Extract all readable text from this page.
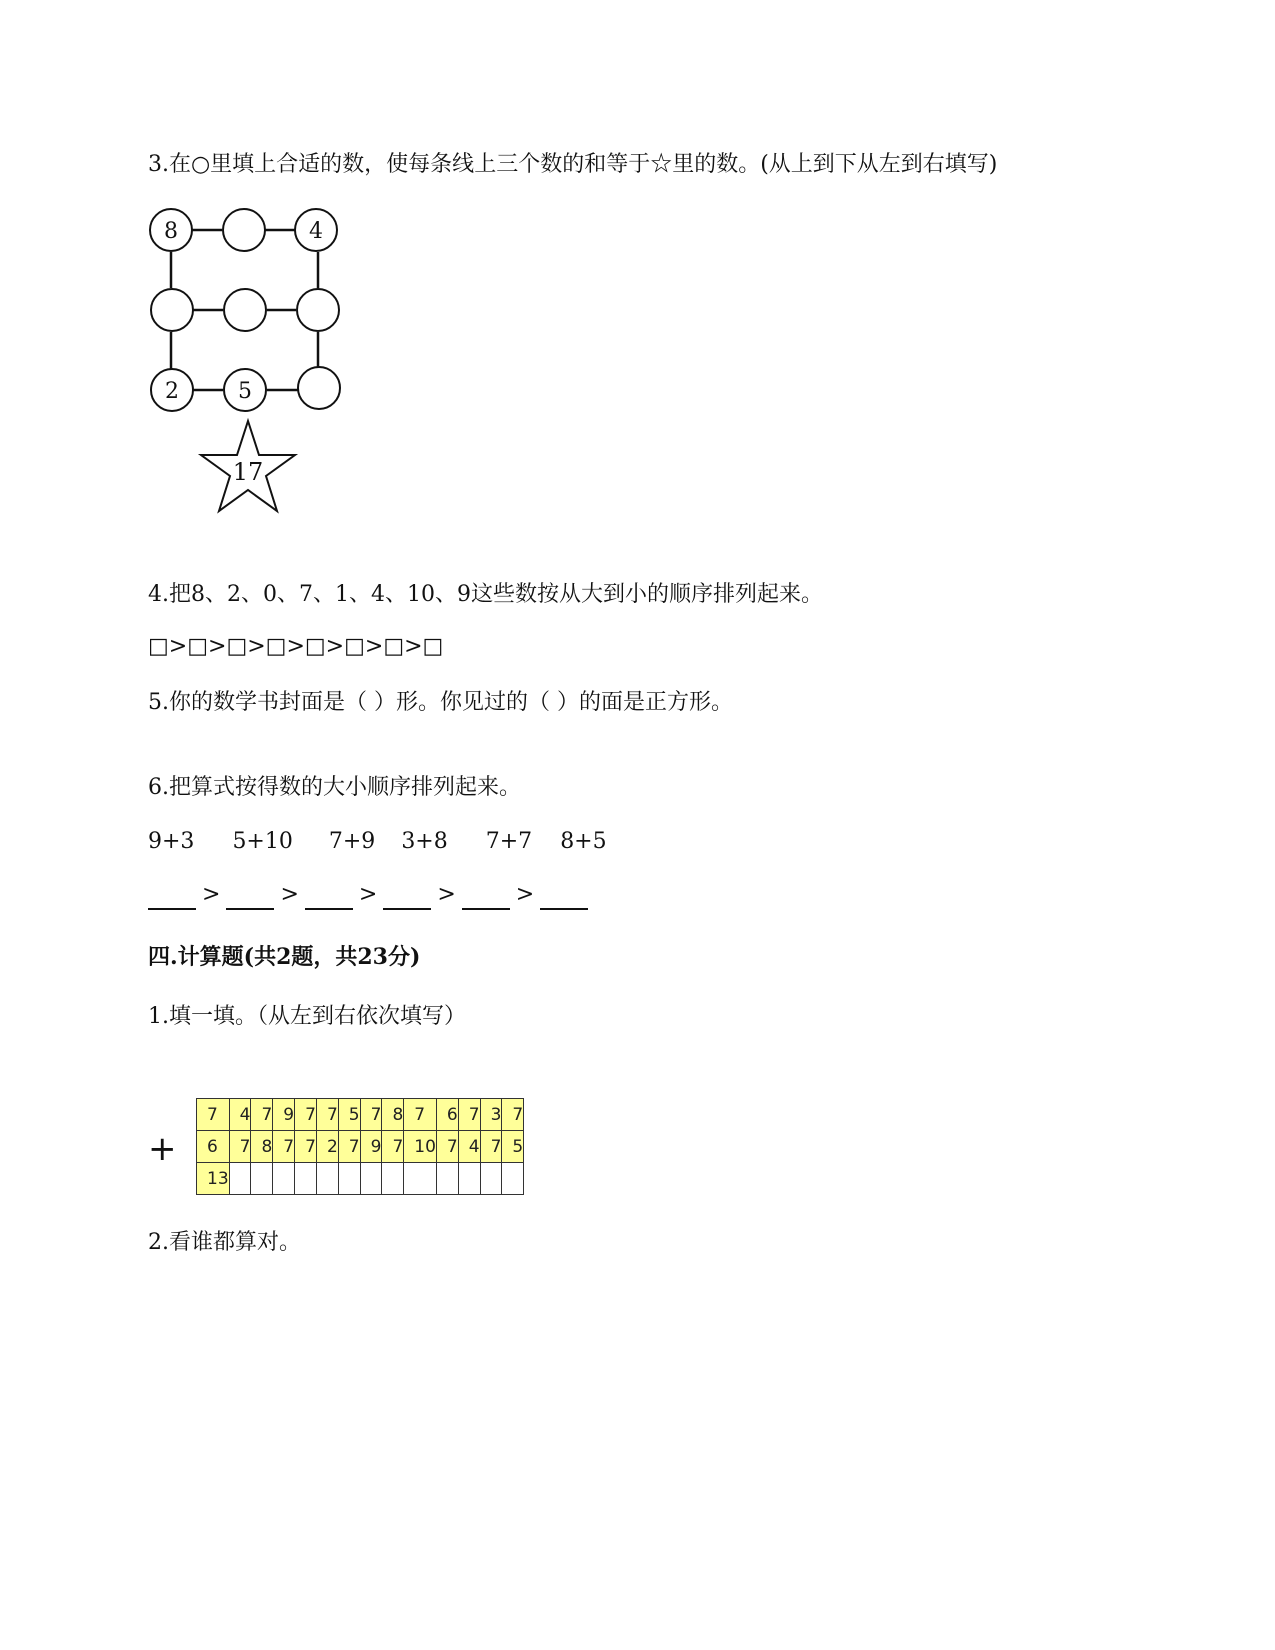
3.在○里填上合适的数，使每条线上三个数的和等于☆里的数。(从上到下从左到右填写)
8	4
2	5
17
4.把8、2、0、7、1、4、10、9这些数按从大到小的顺序排列起来。
□>□>□>□>□>□>□>□
5.你的数学书封面是（ ）形。你见过的（ ）的面是正方形。
6.把算式按得数的大小顺序排列起来。
9+3 5+10 7+9 3+8 7+7 8+5
>	>	>	>	>
四.计算题(共2题，共23分)
1.填一填。（从左到右依次填写）
+
7	4	7	9	7	7	5	7	8	7	6	7	3	7
6	7	8	7	7	2	7	9	7	10	7	4	7	5
13													
2.看谁都算对。
